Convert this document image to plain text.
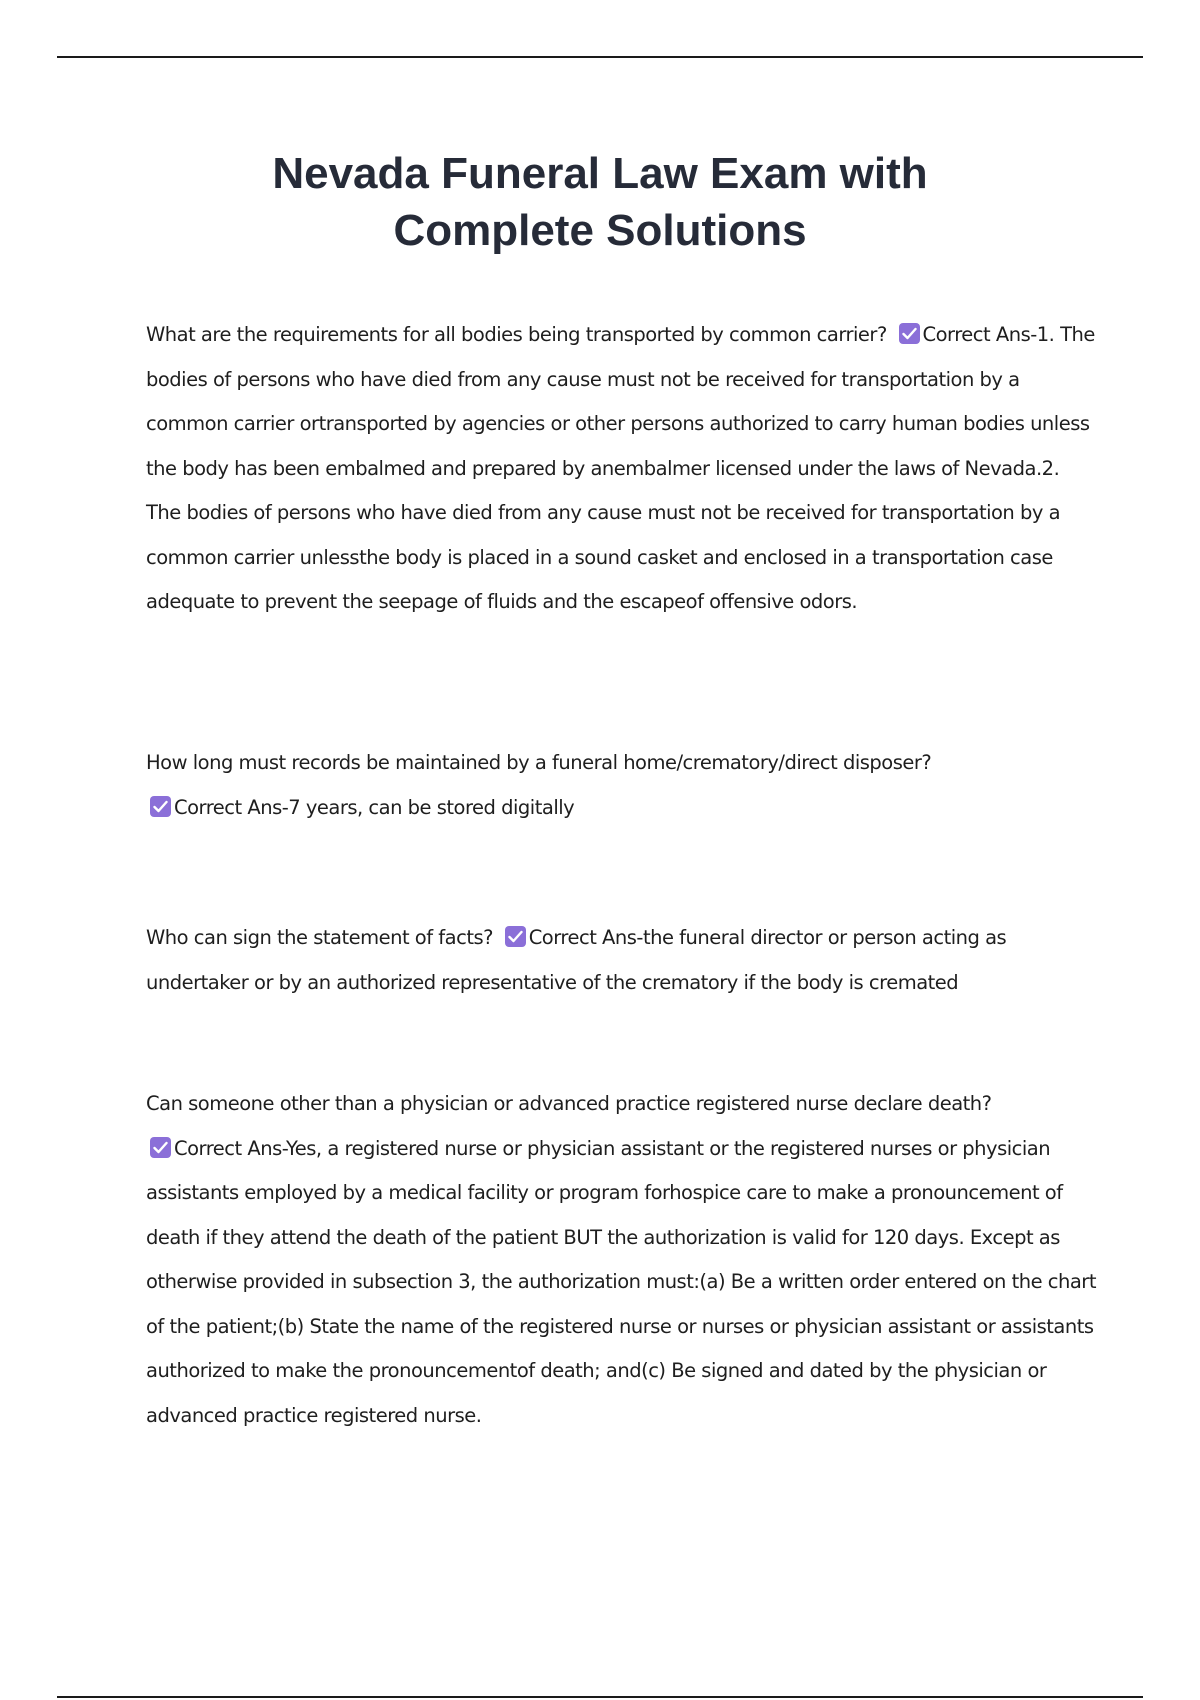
Nevada Funeral Law Exam with
Complete Solutions

What are the requirements for all bodies being transported by common carrier?
Correct Ans-1. The bodies of persons who have died from any cause must not be received for transportation by a common carrier ortransported by agencies or other persons authorized to carry human bodies unless the body has been embalmed and prepared by anembalmer licensed under the laws of Nevada.2. The bodies of persons who have died from any cause must not be received for transportation by a common carrier unlessthe body is placed in a sound casket and enclosed in a transportation case adequate to prevent the seepage of fluids and the escapeof offensive odors.

How long must records be maintained by a funeral home/crematory/direct disposer?

Correct Ans-7 years, can be stored digitally

Who can sign the statement of facts?
Correct Ans-the funeral director or person acting as undertaker or by an authorized representative of the crematory if the body is cremated

Can someone other than a physician or advanced practice registered nurse declare death?

Correct Ans-Yes, a registered nurse or physician assistant or the registered nurses or physician assistants employed by a medical facility or program forhospice care to make a pronouncement of death if they attend the death of the patient BUT the authorization is valid for 120 days. Except as otherwise provided in subsection 3, the authorization must:(a) Be a written order entered on the chart of the patient;(b) State the name of the registered nurse or nurses or physician assistant or assistants authorized to make the pronouncementof death; and(c) Be signed and dated by the physician or advanced practice registered nurse.
